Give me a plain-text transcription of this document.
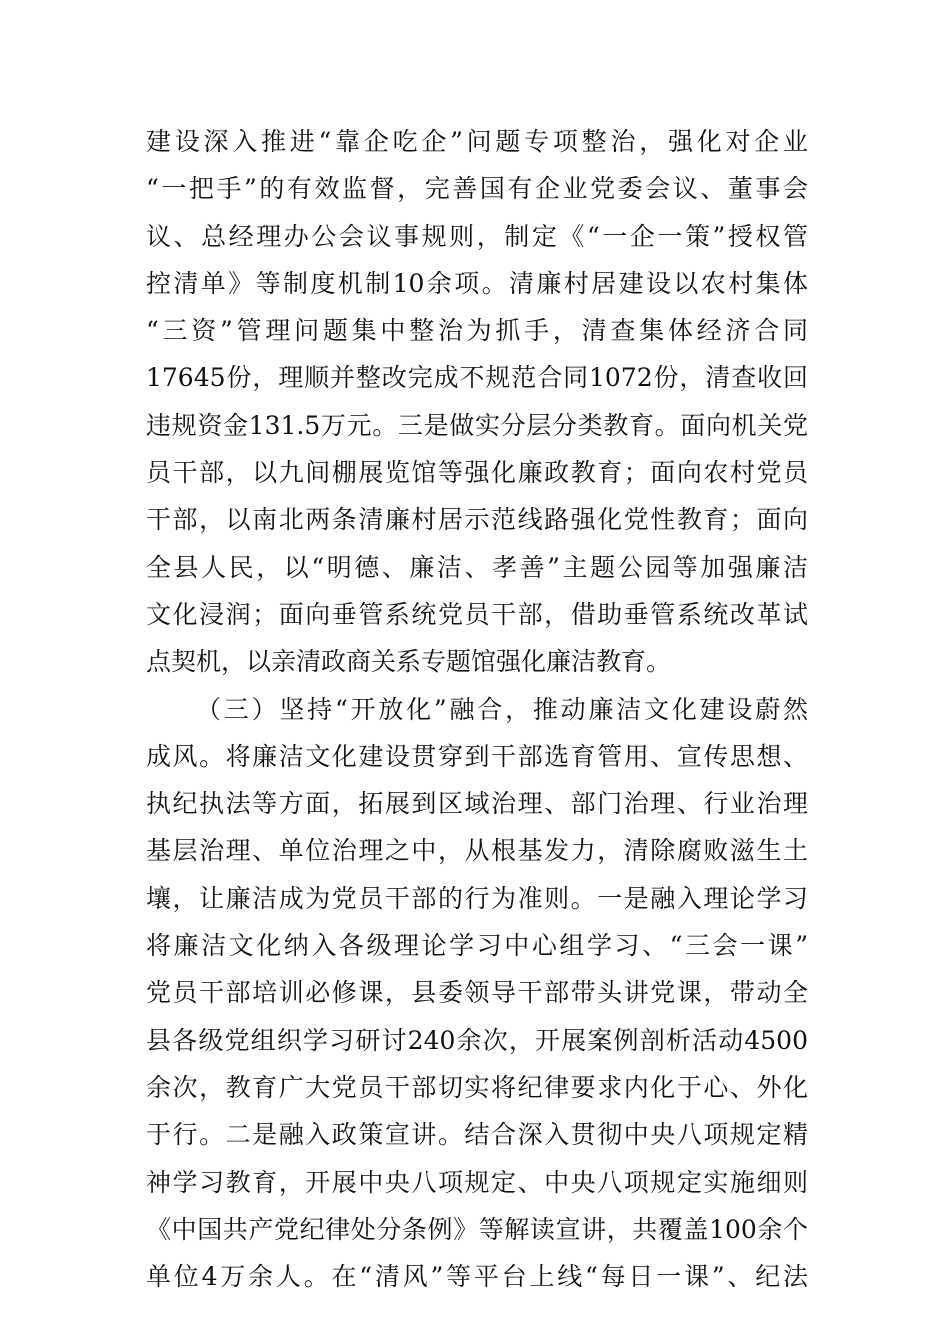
建设深入推进“靠企吃企”问题专项整治，强化对企业
“一把手”的有效监督，完善国有企业党委会议、董事会
议、总经理办公会议事规则，制定《“一企一策”授权管
控清单》等制度机制10余项。清廉村居建设以农村集体
“三资”管理问题集中整治为抓手，清查集体经济合同
17645份，理顺并整改完成不规范合同1072份，清查收回
违规资金131.5万元。三是做实分层分类教育。面向机关党
员干部，以九间棚展览馆等强化廉政教育；面向农村党员
干部，以南北两条清廉村居示范线路强化党性教育；面向
全县人民，以“明德、廉洁、孝善”主题公园等加强廉洁
文化浸润；面向垂管系统党员干部，借助垂管系统改革试
点契机，以亲清政商关系专题馆强化廉洁教育。
（三）坚持“开放化”融合，推动廉洁文化建设蔚然
成风。将廉洁文化建设贯穿到干部选育管用、宣传思想、
执纪执法等方面，拓展到区域治理、部门治理、行业治理
基层治理、单位治理之中，从根基发力，清除腐败滋生土
壤，让廉洁成为党员干部的行为准则。一是融入理论学习
将廉洁文化纳入各级理论学习中心组学习、“三会一课”
党员干部培训必修课，县委领导干部带头讲党课，带动全
县各级党组织学习研讨240余次，开展案例剖析活动4500
余次，教育广大党员干部切实将纪律要求内化于心、外化
于行。二是融入政策宣讲。结合深入贯彻中央八项规定精
神学习教育，开展中央八项规定、中央八项规定实施细则
《中国共产党纪律处分条例》等解读宣讲，共覆盖100余个
单位4万余人。在“清风”等平台上线“每日一课”、纪法
